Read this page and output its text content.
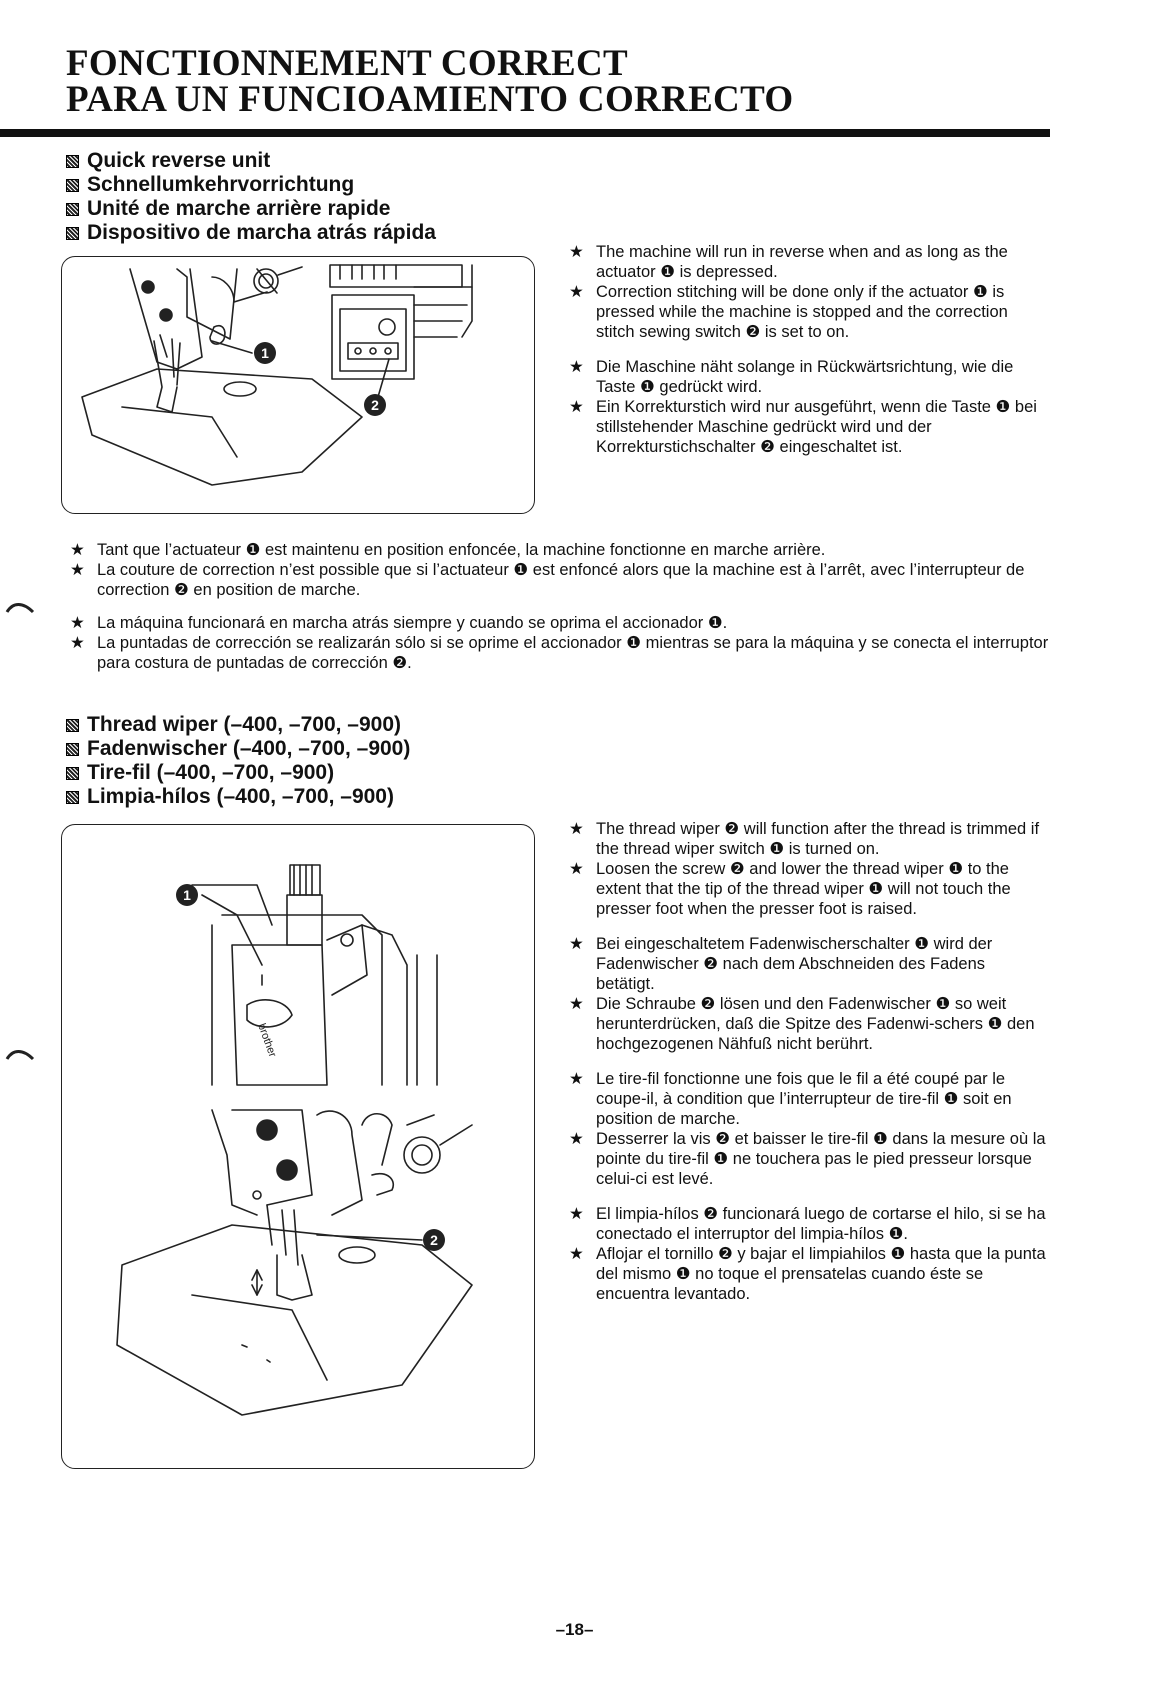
FONCTIONNEMENT CORRECT
PARA UN FUNCIOAMIENTO CORRECTO
Quick reverse unit
Schnellumkehrvorrichtung
Unité de marche arrière rapide
Dispositivo de marcha atrás rápida
1
2
★ The machine will run in reverse when and as long as the actuator ❶ is depressed.
★ Correction stitching will be done only if the actuator ❶ is pressed while the machine is stopped and the correction stitch sewing switch ❷ is set to on.
★ Die Maschine näht solange in Rückwärtsrichtung, wie die Taste ❶ gedrückt wird.
★ Ein Korrekturstich wird nur ausgeführt, wenn die Taste ❶ bei stillstehender Maschine gedrückt wird und der Korrekturstichschalter ❷ eingeschaltet ist.
★ Tant que l’actuateur ❶ est maintenu en position enfoncée, la machine fonctionne en marche arrière.
★ La couture de correction n’est possible que si l’actuateur ❶ est enfoncé alors que la machine est à l’arrêt, avec l’interrupteur de correction ❷ en position de marche.
★ La máquina funcionará en marcha atrás siempre y cuando se oprima el accionador ❶.
★ La puntadas de corrección se realizarán sólo si se oprime el accionador ❶ mientras se para la máquina y se conecta el interruptor para costura de puntadas de corrección ❷.
Thread wiper (–400, –700, –900)
Fadenwischer (–400, –700, –900)
Tire-fil (–400, –700, –900)
Limpia-hílos (–400, –700, –900)
1
2
brother
★ The thread wiper ❷ will function after the thread is trimmed if the thread wiper switch ❶ is turned on.
★ Loosen the screw ❷ and lower the thread wiper ❶ to the extent that the tip of the thread wiper ❶ will not touch the presser foot when the presser foot is raised.
★ Bei eingeschaltetem Fadenwischerschalter ❶ wird der Fadenwischer ❷ nach dem Abschneiden des Fadens betätigt.
★ Die Schraube ❷ lösen und den Fadenwischer ❶ so weit herunterdrücken, daß die Spitze des Fadenwi-schers ❶ den hochgezogenen Nähfuß nicht berührt.
★ Le tire-fil fonctionne une fois que le fil a été coupé par le coupe-il, à condition que l’interrupteur de tire-fil ❶ soit en position de marche.
★ Desserrer la vis ❷ et baisser le tire-fil ❶ dans la mesure où la pointe du tire-fil ❶ ne touchera pas le pied presseur lorsque celui-ci est levé.
★ El limpia-hílos ❷ funcionará luego de cortarse el hilo, si se ha conectado el interruptor del limpia-hílos ❶.
★ Aflojar el tornillo ❷ y bajar el limpiahilos ❶ hasta que la punta del mismo ❶ no toque el prensatelas cuando éste se encuentra levantado.
–18–
